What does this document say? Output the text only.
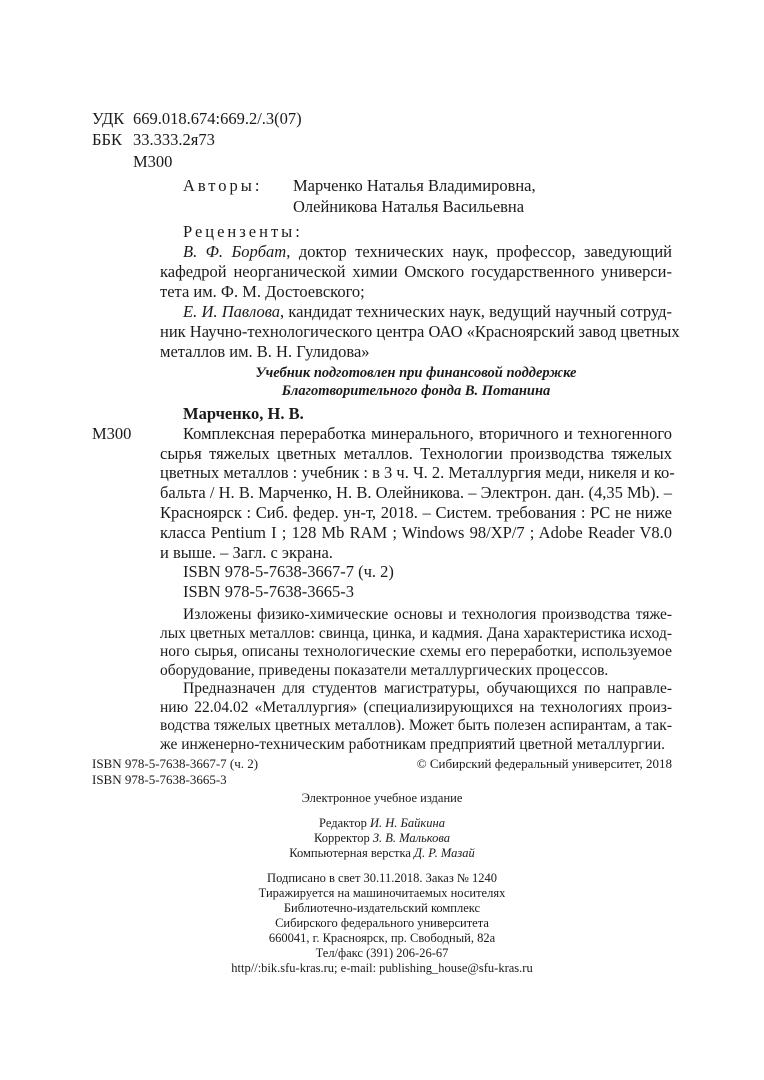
УДК 669.018.674:669.2/.3(07)
ББК 33.333.2я73
М300
Авторы: Марченко Наталья Владимировна,
Олейникова Наталья Васильевна
Рецензенты:
В. Ф. Борбат, доктор технических наук, профессор, заведующий
кафедрой неорганической химии Омского государственного универси-
тета им. Ф. М. Достоевского;
Е. И. Павлова, кандидат технических наук, ведущий научный сотруд-
ник Научно-технологического центра ОАО «Красноярский завод цветных
металлов им. В. Н. Гулидова»
Учебник подготовлен при финансовой поддержке
Благотворительного фонда В. Потанина
М300
Марченко, Н. В.
Комплексная переработка минерального, вторичного и техногенного
сырья тяжелых цветных металлов. Технологии производства тяжелых
цветных металлов : учебник : в 3 ч. Ч. 2. Металлургия меди, никеля и ко-
бальта / Н. В. Марченко, Н. В. Олейникова. – Электрон. дан. (4,35 Mb). –
Красноярск : Сиб. федер. ун-т, 2018. – Систем. требования : PC не ниже
класса Pentium I ; 128 Mb RAM ; Windows 98/XP/7 ; Adobe Reader V8.0
и выше. – Загл. с экрана.
ISBN 978-5-7638-3667-7 (ч. 2)
ISBN 978-5-7638-3665-3
Изложены физико-химические основы и технология производства тяже-
лых цветных металлов: свинца, цинка, и кадмия. Дана характеристика исход-
ного сырья, описаны технологические схемы его переработки, используемое
оборудование, приведены показатели металлургических процессов.
Предназначен для студентов магистратуры, обучающихся по направле-
нию 22.04.02 «Металлургия» (специализирующихся на технологиях произ-
водства тяжелых цветных металлов). Может быть полезен аспирантам, а так-
же инженерно-техническим работникам предприятий цветной металлургии.
ISBN 978-5-7638-3667-7 (ч. 2)
ISBN 978-5-7638-3665-3
© Сибирский федеральный университет, 2018
Электронное учебное издание
Редактор И. Н. Байкина
Корректор З. В. Малькова
Компьютерная верстка Д. Р. Мазай
Подписано в свет 30.11.2018. Заказ № 1240
Тиражируется на машиночитаемых носителях
Библиотечно-издательский комплекс
Сибирского федерального университета
660041, г. Красноярск, пр. Свободный, 82а
Тел/факс (391) 206-26-67
http//:bik.sfu-kras.ru; e-mail: publishing_house@sfu-kras.ru
